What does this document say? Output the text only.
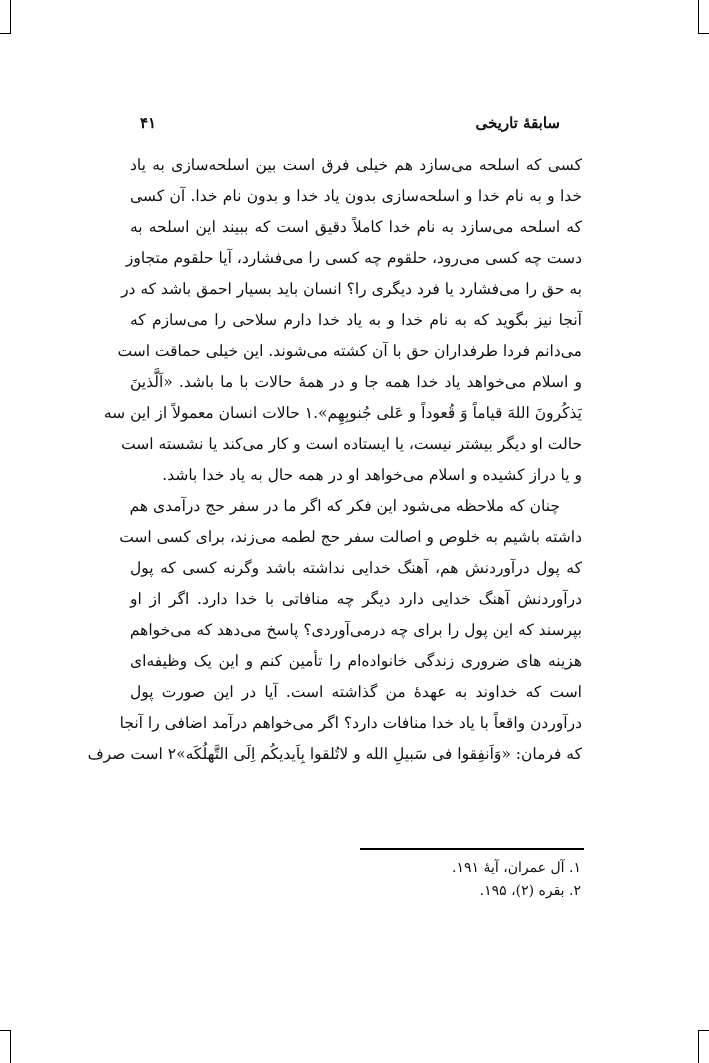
سابقهٔ تاریخی
۴۱
کسی که اسلحه می‌سازد هم خیلی فرق است بین اسلحه‌سازی به یاد
خدا و به نام خدا و اسلحه‌سازی بدون یاد خدا و بدون نام خدا. آن کسی
که اسلحه می‌سازد به نام خدا کاملاً دقیق است که ببیند این اسلحه به
دست چه کسی می‌رود، حلقوم چه کسی را می‌فشارد، آیا حلقوم متجاوز
به حق را می‌فشارد یا فرد دیگری را؟ انسان باید بسیار احمق باشد که در
آنجا نیز بگوید که به نام خدا و به یاد خدا دارم سلاحی را می‌سازم که
می‌دانم فردا طرفداران حق با آن کشته می‌شوند. این خیلی حماقت است
و اسلام می‌خواهد یاد خدا همه جا و در همهٔ حالات با ما باشد. «اَلَّذینَ
یَذکُرونَ اللهَ قیاماً وَ قُعوداً و عَلی جُنوبِهِم».۱ حالات انسان معمولاً از این سه
حالت او دیگر بیشتر نیست، یا ایستاده است و کار می‌کند یا نشسته است
و یا دراز کشیده و اسلام می‌خواهد او در همه حال به یاد خدا باشد.
چنان که ملاحظه می‌شود این فکر که اگر ما در سفر حج درآمدی هم
داشته باشیم به خلوص و اصالت سفر حج لطمه می‌زند، برای کسی است
که پول درآوردنش هم، آهنگ خدایی نداشته باشد وگرنه کسی که پول
درآوردنش آهنگ خدایی دارد دیگر چه منافاتی با خدا دارد. اگر از او
بپرسند که این پول را برای چه درمی‌آوردی؟ پاسخ می‌دهد که می‌خواهم
هزینه های ضروری زندگی خانواده‌ام را تأمین کنم و این یک وظیفه‌ای
است که خداوند به عهدهٔ من گذاشته است. آیا در این صورت پول
درآوردن واقعاً با یاد خدا منافات دارد؟ اگر می‌خواهم درآمد اضافی را آنجا
که فرمان: «وَاَنفِقوا فی سَبیلِ الله و لاتُلقوا بِاَیدیکُم اِلَی التَّهلُکَه»۲ است صرف
۱. آل عمران، آیهٔ ۱۹۱.
۲. بقره (۲)، ۱۹۵.
